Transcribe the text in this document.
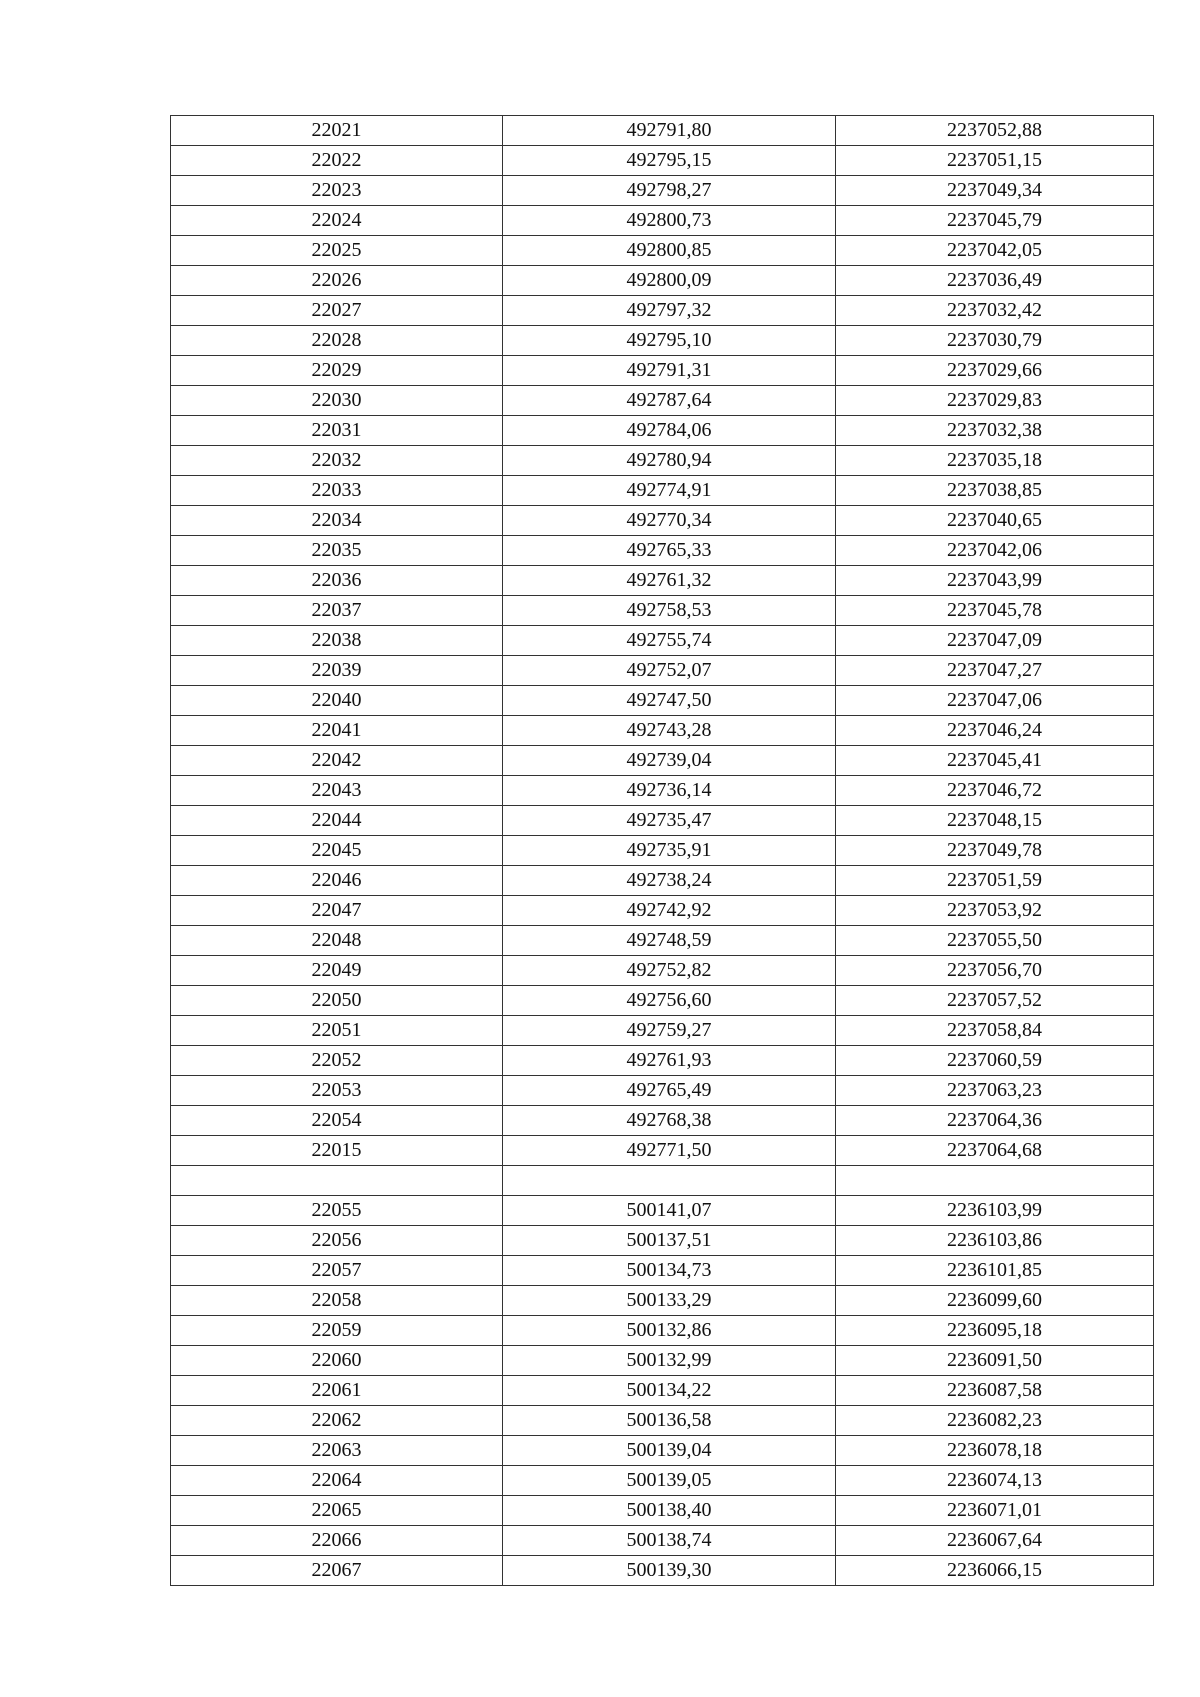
22021	492791,80	2237052,88
22022	492795,15	2237051,15
22023	492798,27	2237049,34
22024	492800,73	2237045,79
22025	492800,85	2237042,05
22026	492800,09	2237036,49
22027	492797,32	2237032,42
22028	492795,10	2237030,79
22029	492791,31	2237029,66
22030	492787,64	2237029,83
22031	492784,06	2237032,38
22032	492780,94	2237035,18
22033	492774,91	2237038,85
22034	492770,34	2237040,65
22035	492765,33	2237042,06
22036	492761,32	2237043,99
22037	492758,53	2237045,78
22038	492755,74	2237047,09
22039	492752,07	2237047,27
22040	492747,50	2237047,06
22041	492743,28	2237046,24
22042	492739,04	2237045,41
22043	492736,14	2237046,72
22044	492735,47	2237048,15
22045	492735,91	2237049,78
22046	492738,24	2237051,59
22047	492742,92	2237053,92
22048	492748,59	2237055,50
22049	492752,82	2237056,70
22050	492756,60	2237057,52
22051	492759,27	2237058,84
22052	492761,93	2237060,59
22053	492765,49	2237063,23
22054	492768,38	2237064,36
22015	492771,50	2237064,68

22055	500141,07	2236103,99
22056	500137,51	2236103,86
22057	500134,73	2236101,85
22058	500133,29	2236099,60
22059	500132,86	2236095,18
22060	500132,99	2236091,50
22061	500134,22	2236087,58
22062	500136,58	2236082,23
22063	500139,04	2236078,18
22064	500139,05	2236074,13
22065	500138,40	2236071,01
22066	500138,74	2236067,64
22067	500139,30	2236066,15
